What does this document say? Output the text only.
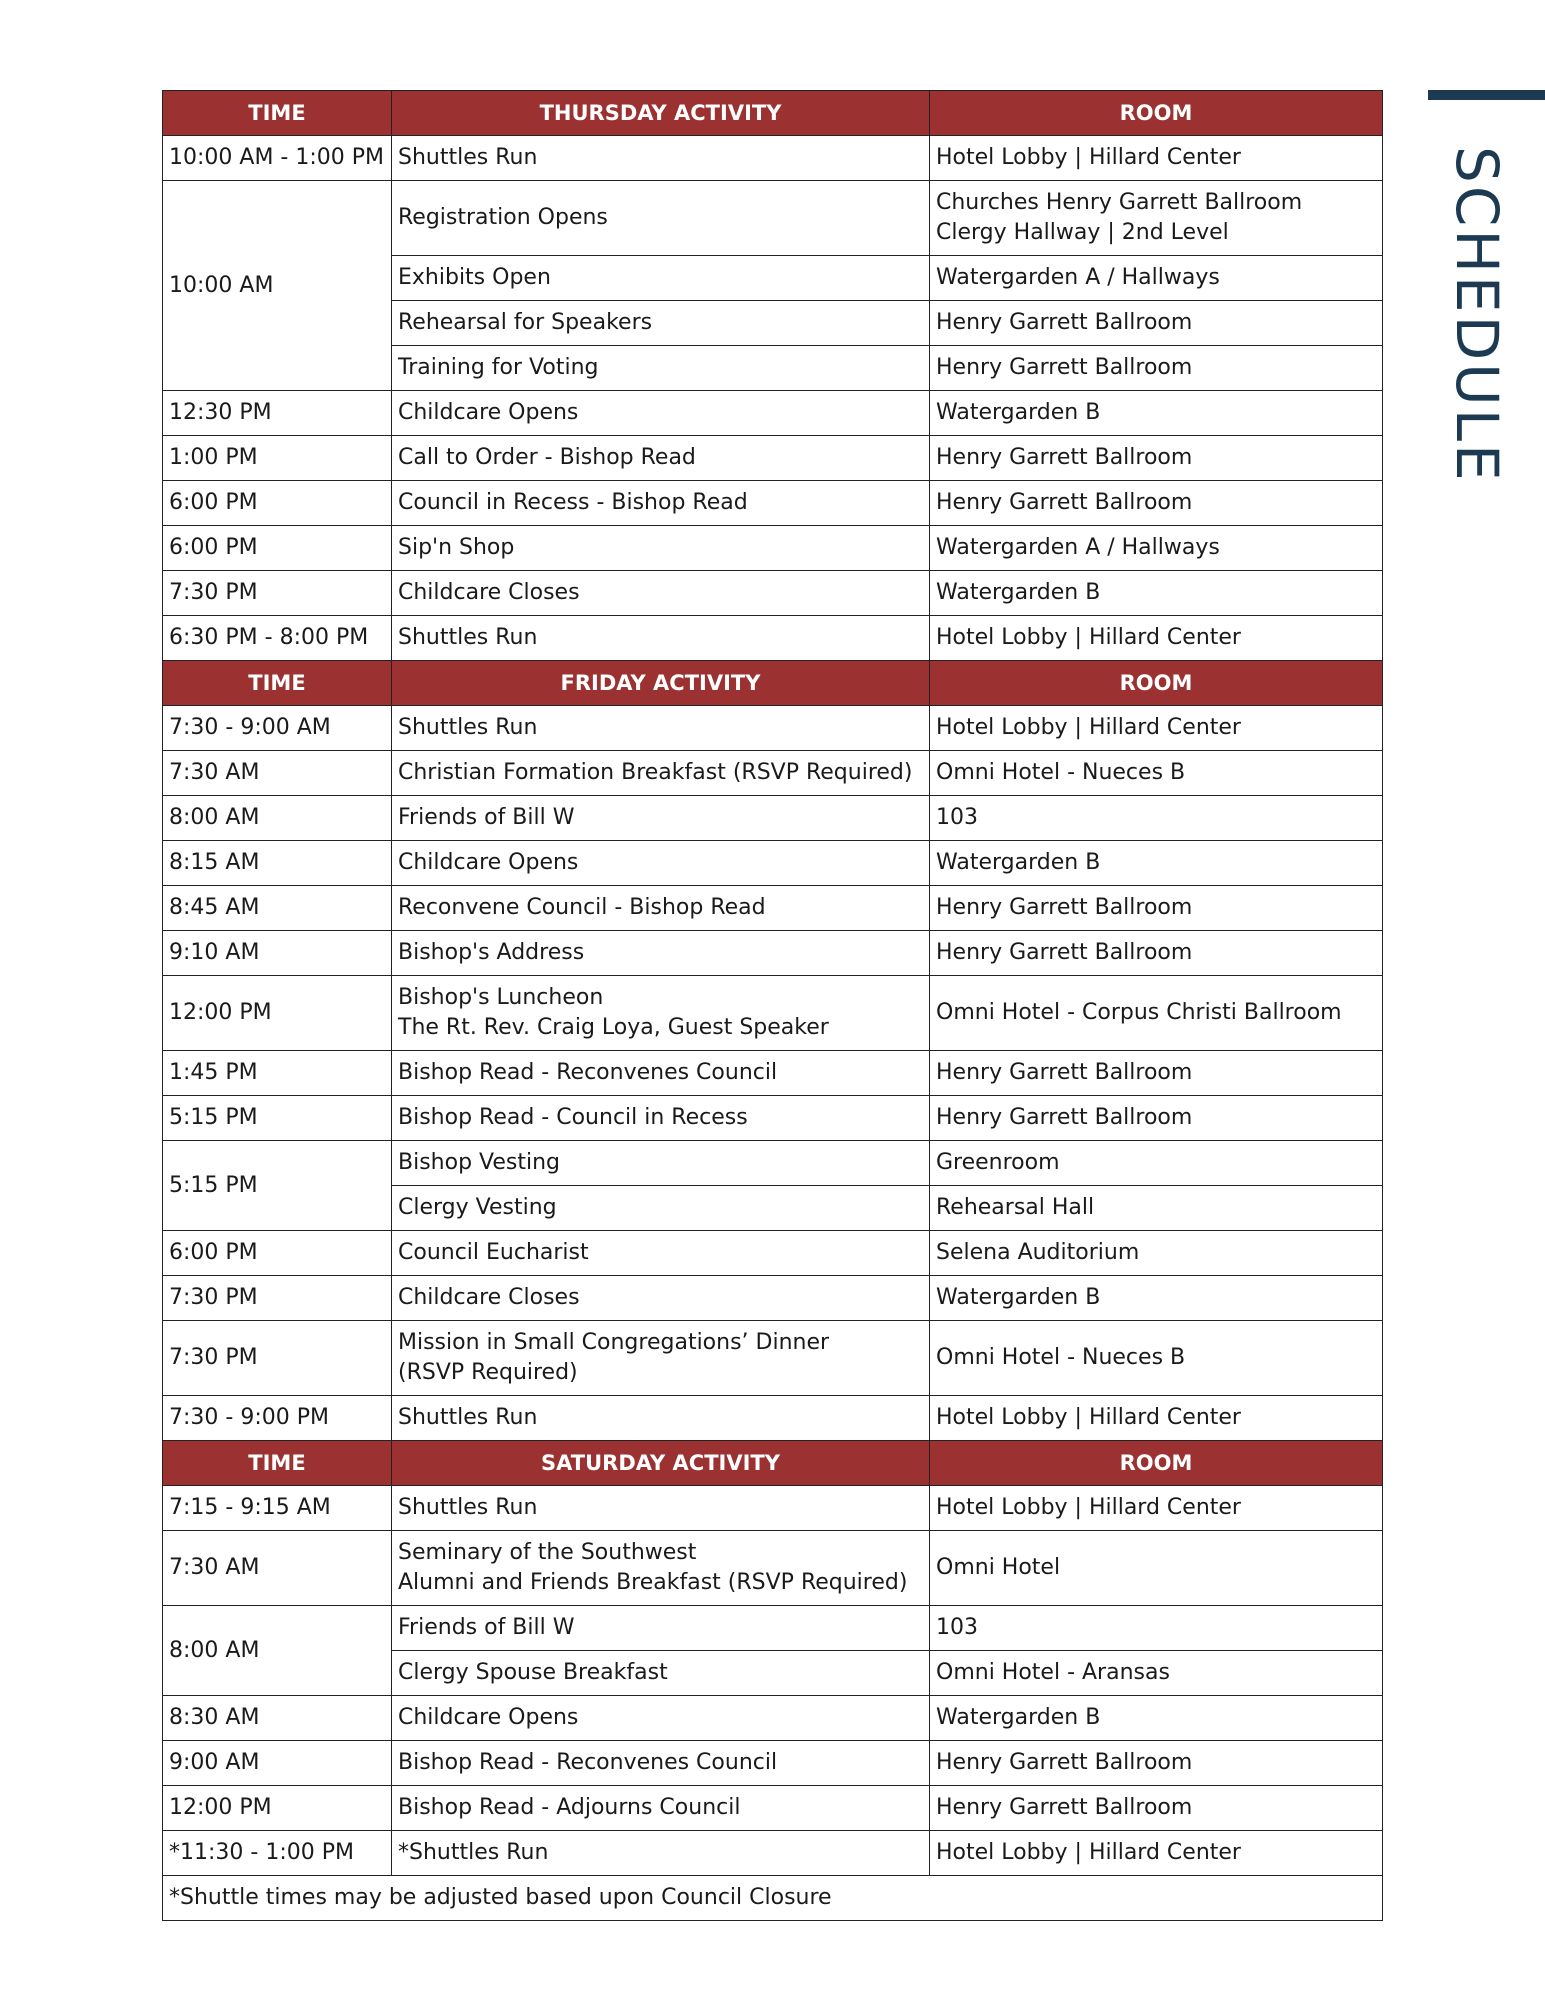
SCHEDULE
TIME	THURSDAY ACTIVITY	ROOM
10:00 AM - 1:00 PM	Shuttles Run	Hotel Lobby | Hillard Center
10:00 AM	Registration Opens	Churches Henry Garrett Ballroom
Clergy Hallway | 2nd Level

	Exhibits Open	Watergarden A / Hallways
	Rehearsal for Speakers	Henry Garrett Ballroom
	Training for Voting	Henry Garrett Ballroom
12:30 PM	Childcare Opens	Watergarden B
1:00 PM	Call to Order - Bishop Read	Henry Garrett Ballroom
6:00 PM	Council in Recess - Bishop Read	Henry Garrett Ballroom
6:00 PM	Sip'n Shop	Watergarden A / Hallways
7:30 PM	Childcare Closes	Watergarden B
6:30 PM - 8:00 PM	Shuttles Run	Hotel Lobby | Hillard Center
TIME	FRIDAY ACTIVITY	ROOM
7:30 - 9:00 AM	Shuttles Run	Hotel Lobby | Hillard Center
7:30 AM	Christian Formation Breakfast (RSVP Required)	Omni Hotel - Nueces B
8:00 AM	Friends of Bill W	103
8:15 AM	Childcare Opens	Watergarden B
8:45 AM	Reconvene Council - Bishop Read	Henry Garrett Ballroom
9:10 AM	Bishop's Address	Henry Garrett Ballroom
12:00 PM	Bishop's Luncheon
The Rt. Rev. Craig Loya, Guest Speaker	Omni Hotel - Corpus Christi Ballroom
1:45 PM	Bishop Read - Reconvenes Council	Henry Garrett Ballroom
5:15 PM	Bishop Read - Council in Recess	Henry Garrett Ballroom
5:15 PM	Bishop Vesting	Greenroom
	Clergy Vesting	Rehearsal Hall
6:00 PM	Council Eucharist	Selena Auditorium
7:30 PM	Childcare Closes	Watergarden B
7:30 PM	Mission in Small Congregations’ Dinner
(RSVP Required)	Omni Hotel - Nueces B
7:30 - 9:00 PM	Shuttles Run	Hotel Lobby | Hillard Center
TIME	SATURDAY ACTIVITY	ROOM
7:15 - 9:15 AM	Shuttles Run	Hotel Lobby | Hillard Center
7:30 AM	Seminary of the Southwest
Alumni and Friends Breakfast (RSVP Required)	Omni Hotel
8:00 AM	Friends of Bill W	103
	Clergy Spouse Breakfast	Omni Hotel - Aransas
8:30 AM	Childcare Opens	Watergarden B
9:00 AM	Bishop Read - Reconvenes Council	Henry Garrett Ballroom
12:00 PM	Bishop Read - Adjourns Council	Henry Garrett Ballroom
*11:30 - 1:00 PM	*Shuttles Run	Hotel Lobby | Hillard Center
*Shuttle times may be adjusted based upon Council Closure		
